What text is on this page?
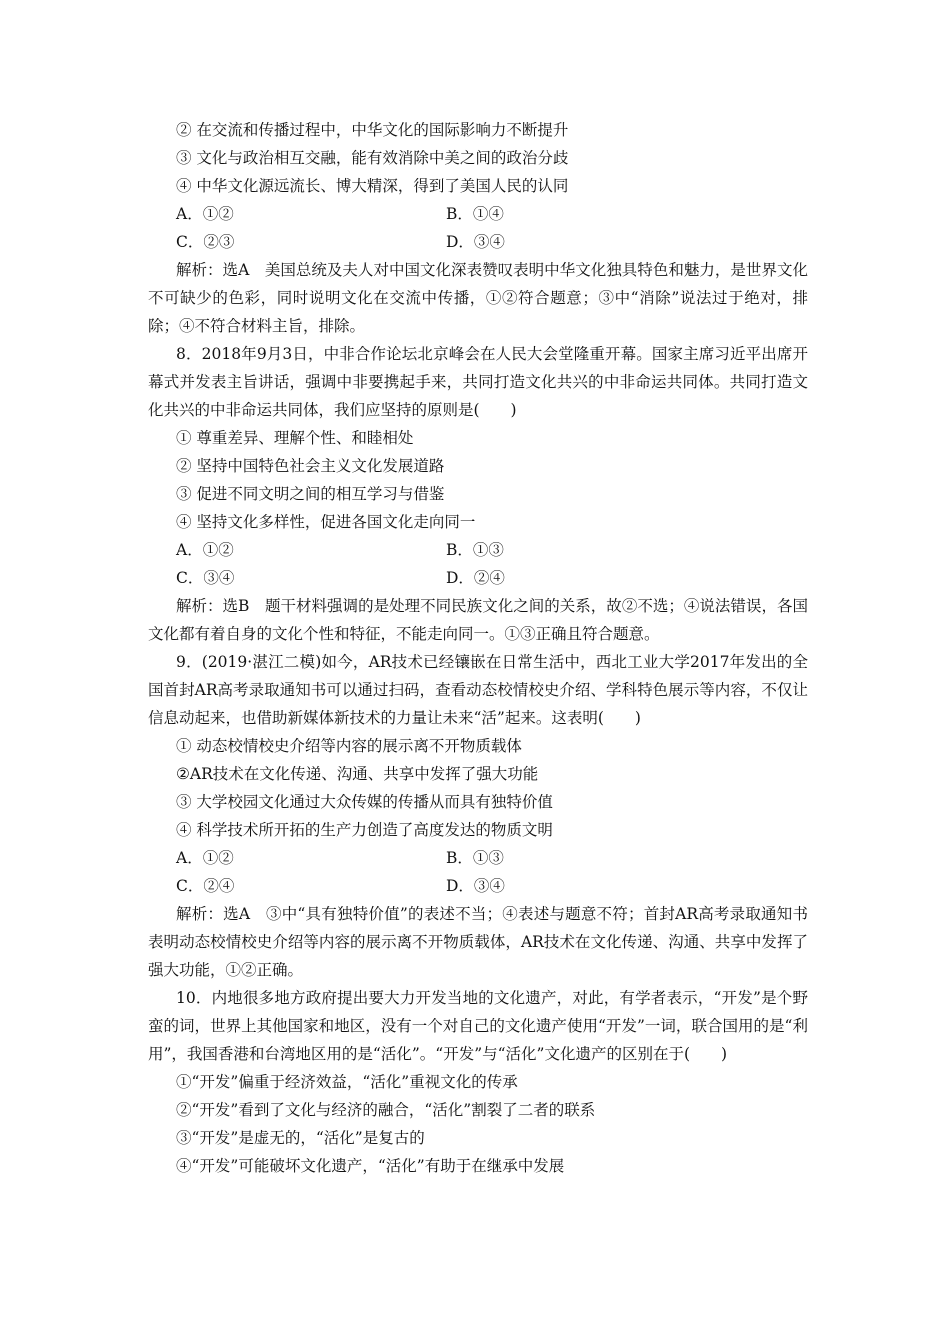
② 在交流和传播过程中，中华文化的国际影响力不断提升
③ 文化与政治相互交融，能有效消除中美之间的政治分歧
④ 中华文化源远流长、博大精深，得到了美国人民的认同
A．①②	B．①④
C．②③	D．③④

解析：选A　美国总统及夫人对中国文化深表赞叹表明中华文化独具特色和魅力，是世界文化不可缺少的色彩，同时说明文化在交流中传播，①②符合题意；③中“消除”说法过于绝对，排除；④不符合材料主旨，排除。

8．2018年9月3日，中非合作论坛北京峰会在人民大会堂隆重开幕。国家主席习近平出席开幕式并发表主旨讲话，强调中非要携起手来，共同打造文化共兴的中非命运共同体。共同打造文化共兴的中非命运共同体，我们应坚持的原则是(　　)

① 尊重差异、理解个性、和睦相处
② 坚持中国特色社会主义文化发展道路
③ 促进不同文明之间的相互学习与借鉴
④ 坚持文化多样性，促进各国文化走向同一
A．①②	B．①③
C．③④	D．②④

解析：选B　题干材料强调的是处理不同民族文化之间的关系，故②不选；④说法错误，各国文化都有着自身的文化个性和特征，不能走向同一。①③正确且符合题意。

9．(2019·湛江二模)如今，AR技术已经镶嵌在日常生活中，西北工业大学2017年发出的全国首封AR高考录取通知书可以通过扫码，查看动态校情校史介绍、学科特色展示等内容，不仅让信息动起来，也借助新媒体新技术的力量让未来“活”起来。这表明(　　)

① 动态校情校史介绍等内容的展示离不开物质载体
②AR技术在文化传递、沟通、共享中发挥了强大功能
③ 大学校园文化通过大众传媒的传播从而具有独特价值
④ 科学技术所开拓的生产力创造了高度发达的物质文明
A．①②	B．①③
C．②④	D．③④

解析：选A　③中“具有独特价值”的表述不当；④表述与题意不符；首封AR高考录取通知书表明动态校情校史介绍等内容的展示离不开物质载体，AR技术在文化传递、沟通、共享中发挥了强大功能，①②正确。

10．内地很多地方政府提出要大力开发当地的文化遗产，对此，有学者表示，“开发”是个野蛮的词，世界上其他国家和地区，没有一个对自己的文化遗产使用“开发”一词，联合国用的是“利用”，我国香港和台湾地区用的是“活化”。“开发”与“活化”文化遗产的区别在于(　　)

①“开发”偏重于经济效益，“活化”重视文化的传承
②“开发”看到了文化与经济的融合，“活化”割裂了二者的联系
③“开发”是虚无的，“活化”是复古的
④“开发”可能破坏文化遗产，“活化”有助于在继承中发展
